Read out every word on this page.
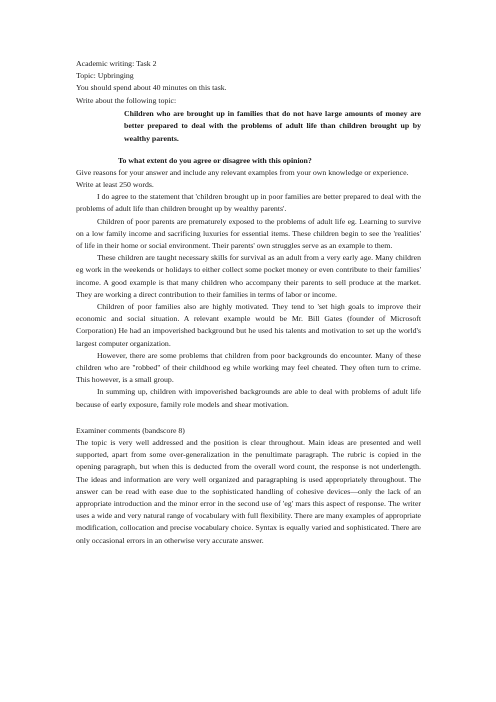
Academic writing: Task 2

Topic: Upbringing

You should spend about 40 minutes on this task.

Write about the following topic:

Children who are brought up in families that do not have large amounts of money are better prepared to deal with the problems of adult life than children brought up by wealthy parents.

To what extent do you agree or disagree with this opinion?

Give reasons for your answer and include any relevant examples from your own knowledge or experience.

Write at least 250 words.

I do agree to the statement that 'children brought up in poor families are better prepared to deal with the problems of adult life than children brought up by wealthy parents'.

Children of poor parents are prematurely exposed to the problems of adult life eg. Learning to survive on a low family income and sacrificing luxuries for essential items. These children begin to see the 'realities' of life in their home or social environment. Their parents' own struggles serve as an example to them.

These children are taught necessary skills for survival as an adult from a very early age. Many children eg work in the weekends or holidays to either collect some pocket money or even contribute to their families' income. A good example is that many children who accompany their parents to sell produce at the market. They are working a direct contribution to their families in terms of labor or income.

Children of poor families also are highly motivated. They tend to 'set high goals to improve their economic and social situation. A relevant example would be Mr. Bill Gates (founder of Microsoft Corporation) He had an impoverished background but he used his talents and motivation to set up the world's largest computer organization.

However, there are some problems that children from poor backgrounds do encounter. Many of these children who are "robbed" of their childhood eg while working may feel cheated. They often turn to crime. This however, is a small group.

In summing up, children with impoverished backgrounds are able to deal with problems of adult life because of early exposure, family role models and shear motivation.

Examiner comments (bandscore 8)

The topic is very well addressed and the position is clear throughout. Main ideas are presented and well supported, apart from some over-generalization in the penultimate paragraph. The rubric is copied in the opening paragraph, but when this is deducted from the overall word count, the response is not underlength. The ideas and information are very well organized and paragraphing is used appropriately throughout. The answer can be read with ease due to the sophisticated handling of cohesive devices—only the lack of an appropriate introduction and the minor error in the second use of 'eg' mars this aspect of response. The writer uses a wide and very natural range of vocabulary with full flexibility. There are many examples of appropriate modification, collocation and precise vocabulary choice. Syntax is equally varied and sophisticated. There are only occasional errors in an otherwise very accurate answer.
